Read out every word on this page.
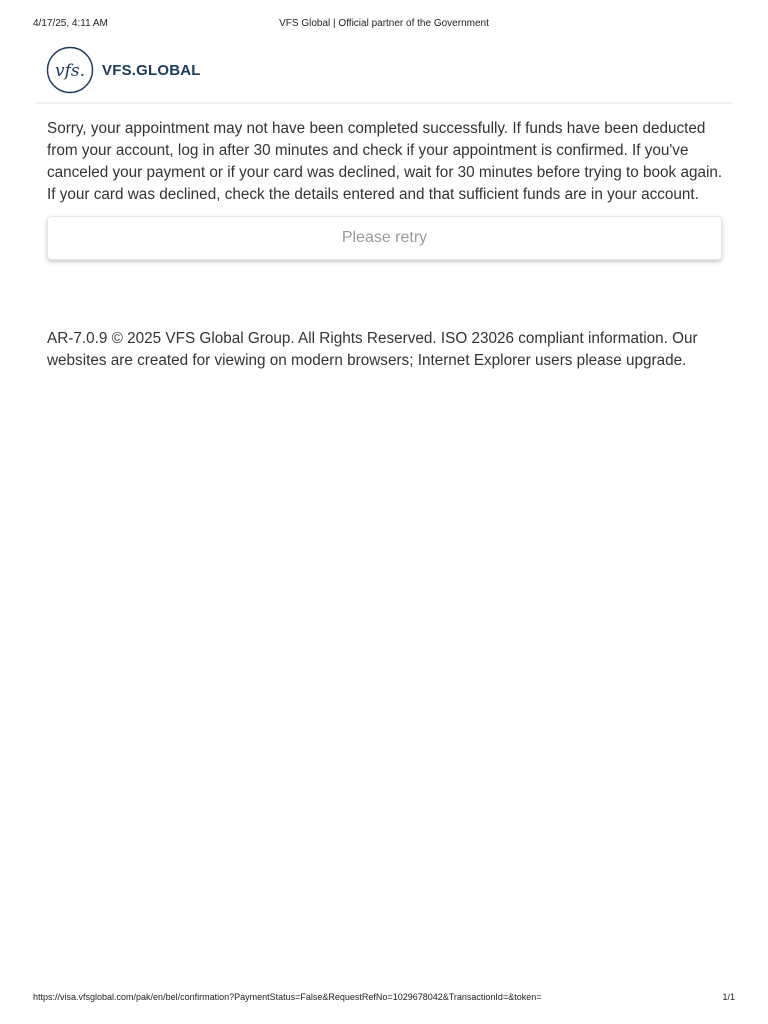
4/17/25, 4:11 AM	VFS Global | Official partner of the Government
vfs. VFS.GLOBAL

Sorry, your appointment may not have been completed successfully. If funds have been deducted from your account, log in after 30 minutes and check if your appointment is confirmed. If you've canceled your payment or if your card was declined, wait for 30 minutes before trying to book again. If your card was declined, check the details entered and that sufficient funds are in your account.

Please retry

AR-7.0.9 © 2025 VFS Global Group. All Rights Reserved. ISO 23026 compliant information. Our websites are created for viewing on modern browsers; Internet Explorer users please upgrade.

https://visa.vfsglobal.com/pak/en/bel/confirmation?PaymentStatus=False&RequestRefNo=1029678042&TransactionId=&token=	1/1
